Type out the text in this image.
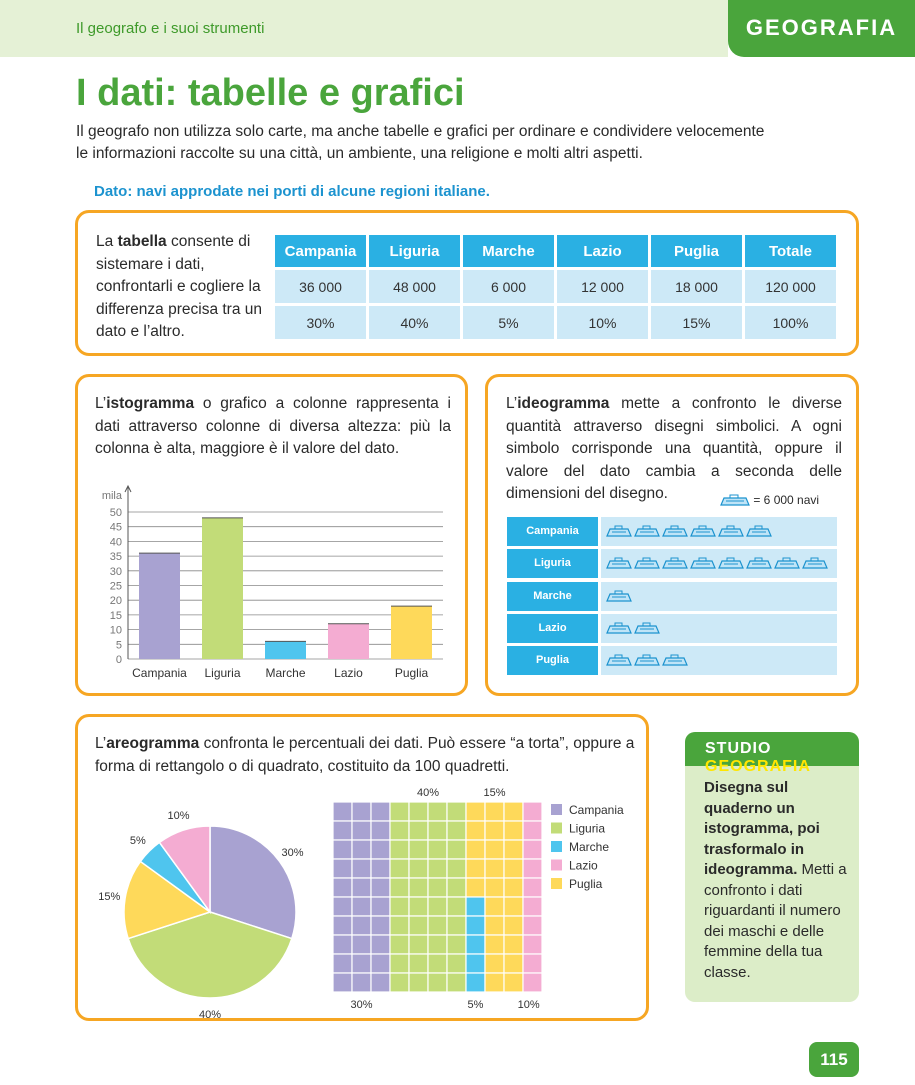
Il geografo e i suoi strumenti	GEOGRAFIA
I dati: tabelle e grafici
Il geografo non utilizza solo carte, ma anche tabelle e grafici per ordinare e condividere velocemente
le informazioni raccolte su una città, un ambiente, una religione e molti altri aspetti.
Dato: navi approdate nei porti di alcune regioni italiane.
La tabella consente di sistemare i dati, confrontarli e cogliere la differenza precisa tra un dato e l’altro.
Campania	Liguria	Marche	Lazio	Puglia	Totale
36 000	48 000	6 000	12 000	18 000	120 000
30%	40%	5%	10%	15%	100%
L’istogramma o grafico a colonne rappresenta i dati attraverso colonne di diversa altezza: più la colonna è alta, maggiore è il valore del dato.
0
5
10
15
20
25
30
35
40
45
50
mila
Campania Liguria Marche Lazio	Puglia
L’ideogramma mette a confronto le diverse quantità attraverso disegni simbolici. A ogni simbolo corrisponde una quantità, oppure il valore del dato cambia a seconda delle dimensioni del disegno.	= 6 000 navi
Campania
Liguria
Marche
Lazio
Puglia
L’areogramma confronta le percentuali dei dati. Può essere “a torta”, oppure a forma di rettangolo o di quadrato, costituito da 100 quadretti.
30%
40%
15%
5%
10%
40%	15%
30%	5%	10%
Campania
Liguria
Marche
Lazio
Puglia
STUDIO GEOGRAFIA
Disegna sul quaderno un istogramma, poi trasformalo in ideogramma. Metti a confronto i dati riguardanti il numero dei maschi e delle femmine della tua classe.
115
